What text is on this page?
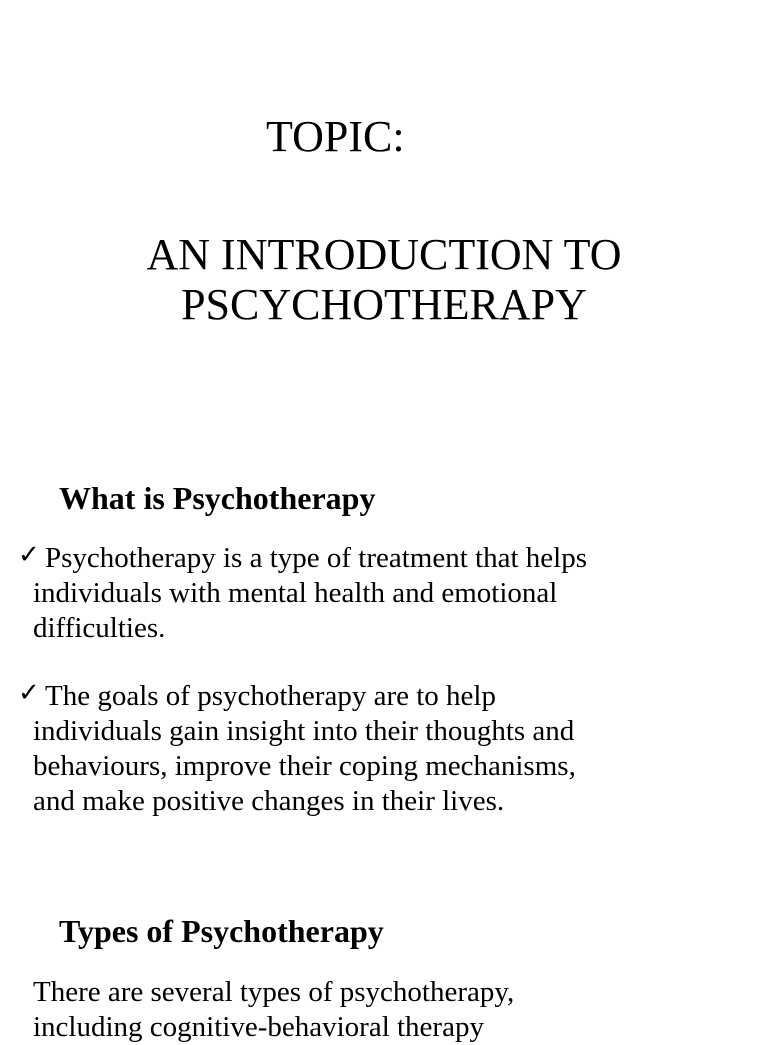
TOPIC:
AN INTRODUCTION TO
PSCYCHOTHERAPY
What is Psychotherapy
✓ Psychotherapy is a type of treatment that helps
individuals with mental health and emotional
difficulties.
✓ The goals of psychotherapy are to help
individuals gain insight into their thoughts and
behaviours, improve their coping mechanisms,
and make positive changes in their lives.
Types of Psychotherapy
There are several types of psychotherapy,
including cognitive-behavioral therapy
